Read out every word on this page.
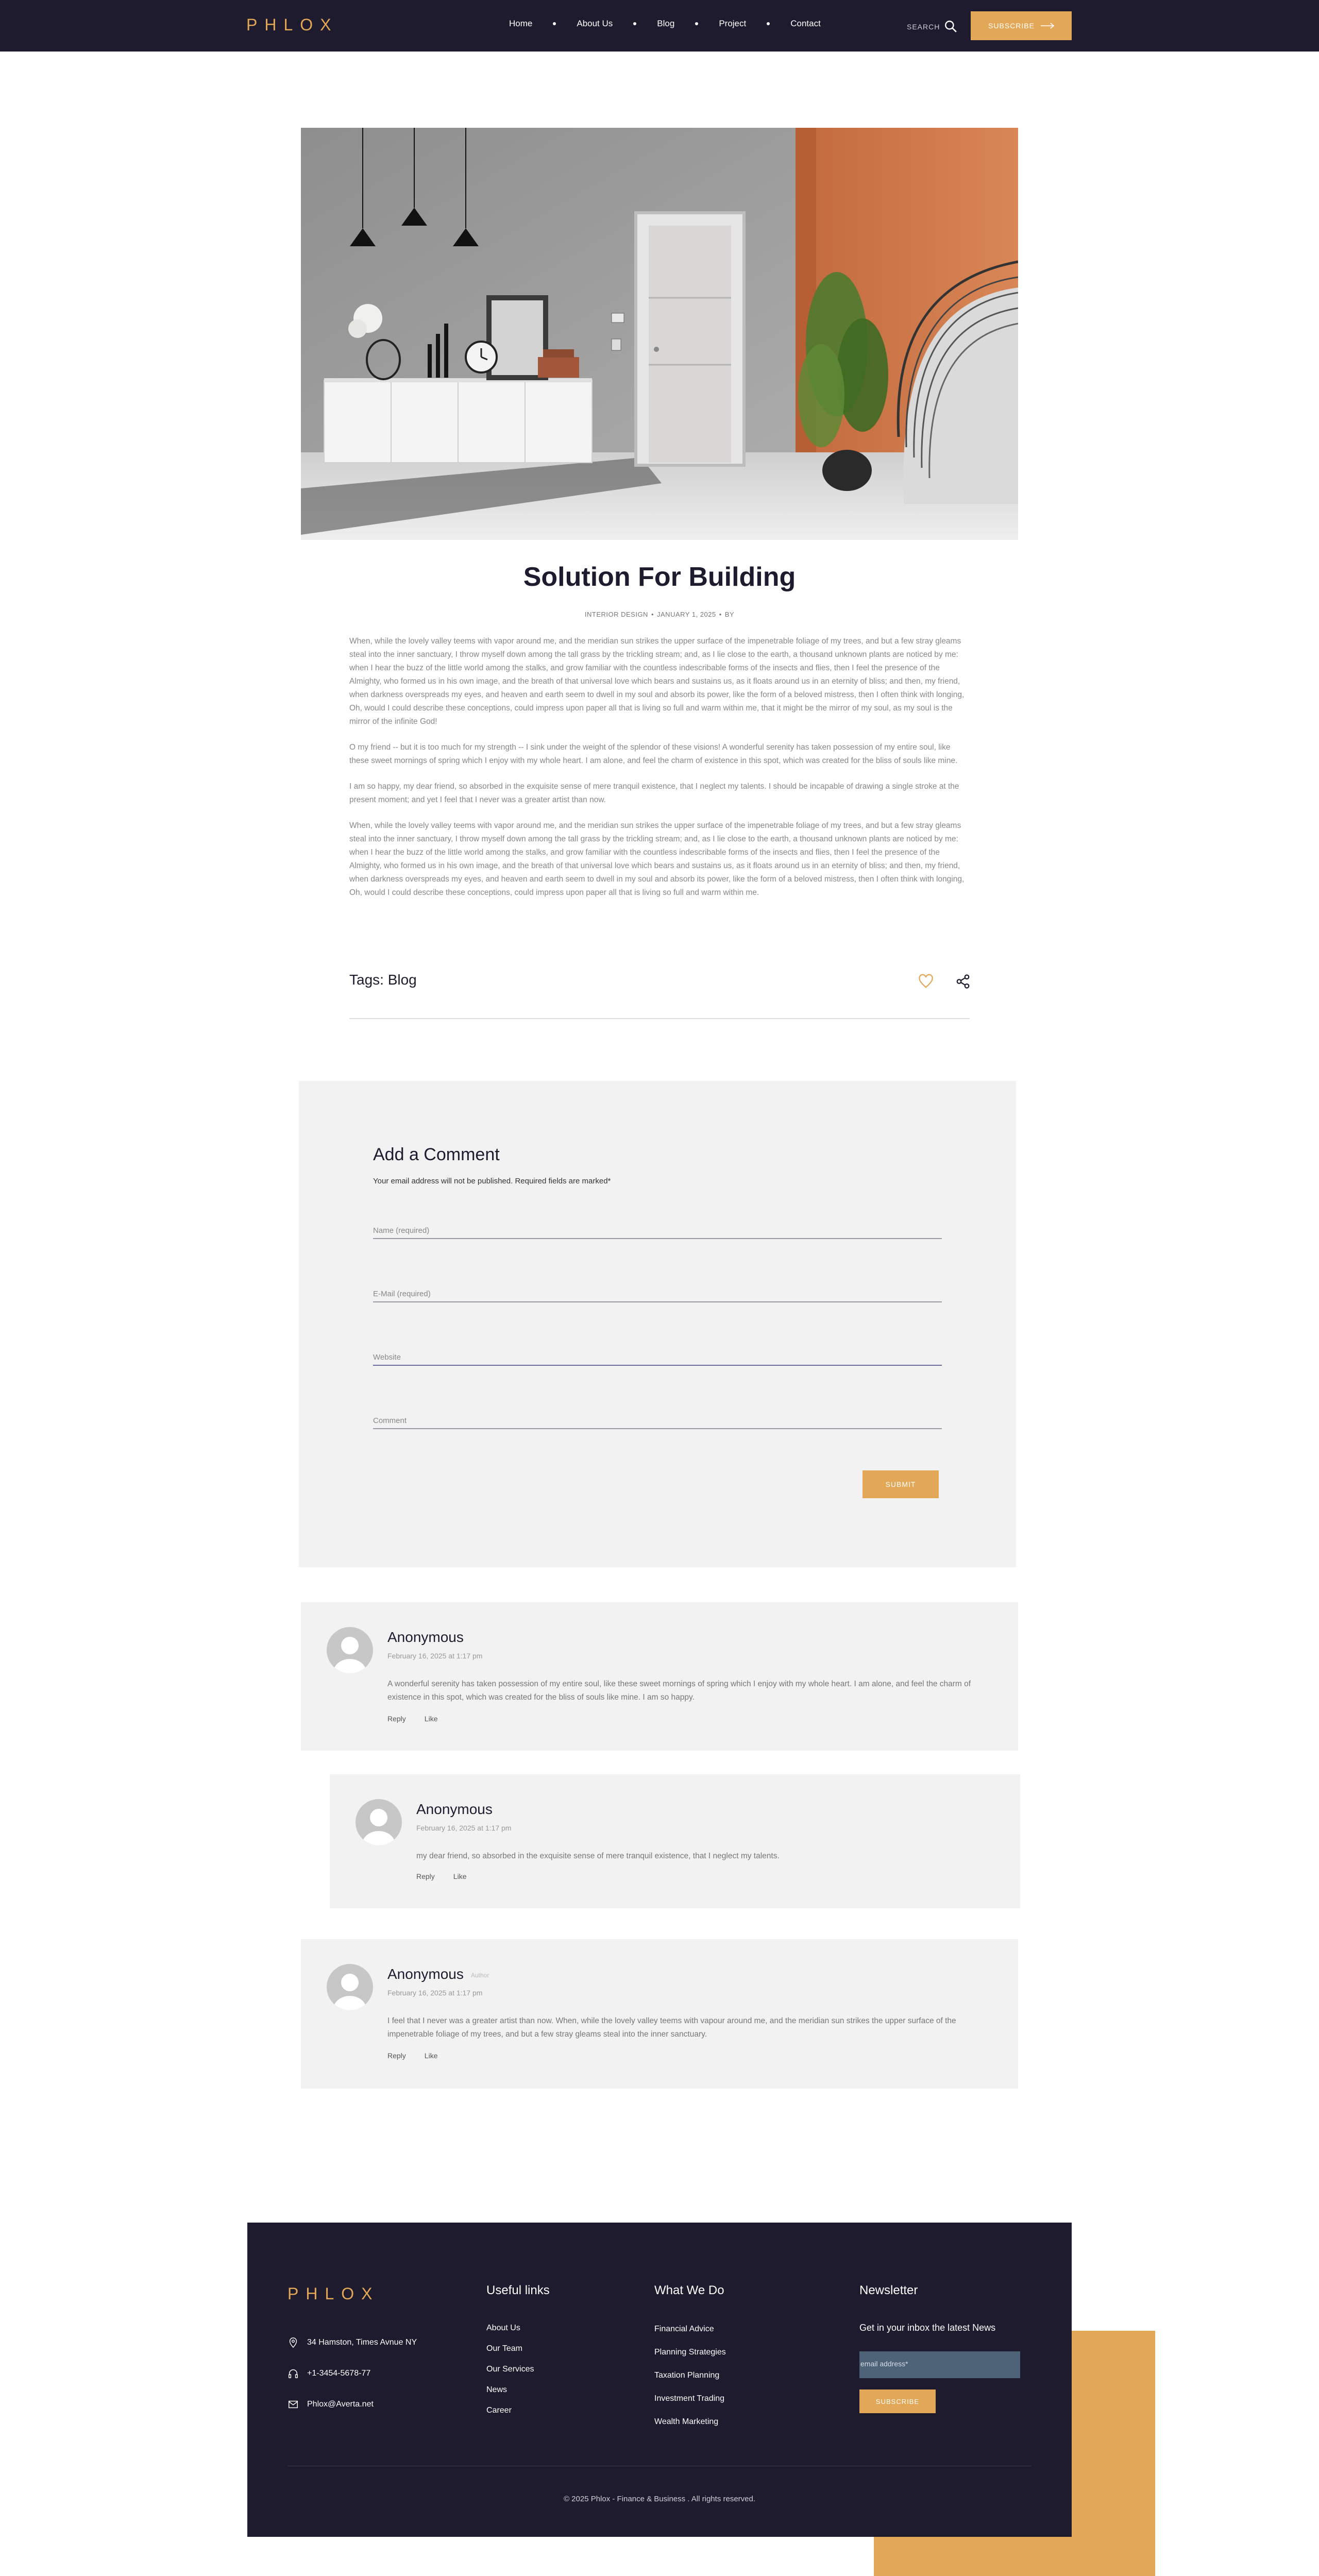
PHLOX	Home	About Us	Blog	Project	Contact	SEARCH	SUBSCRIBE
Solution For Building
INTERIOR DESIGN • JANUARY 1, 2025 • BY

When, while the lovely valley teems with vapor around me, and the meridian sun strikes the upper surface of the impenetrable foliage of my trees, and but a few stray gleams steal into the inner sanctuary, I throw myself down among the tall grass by the trickling stream; and, as I lie close to the earth, a thousand unknown plants are noticed by me: when I hear the buzz of the little world among the stalks, and grow familiar with the countless indescribable forms of the insects and flies, then I feel the presence of the Almighty, who formed us in his own image, and the breath of that universal love which bears and sustains us, as it floats around us in an eternity of bliss; and then, my friend, when darkness overspreads my eyes, and heaven and earth seem to dwell in my soul and absorb its power, like the form of a beloved mistress, then I often think with longing, Oh, would I could describe these conceptions, could impress upon paper all that is living so full and warm within me, that it might be the mirror of my soul, as my soul is the mirror of the infinite God!

O my friend -- but it is too much for my strength -- I sink under the weight of the splendor of these visions! A wonderful serenity has taken possession of my entire soul, like these sweet mornings of spring which I enjoy with my whole heart. I am alone, and feel the charm of existence in this spot, which was created for the bliss of souls like mine.

I am so happy, my dear friend, so absorbed in the exquisite sense of mere tranquil existence, that I neglect my talents. I should be incapable of drawing a single stroke at the present moment; and yet I feel that I never was a greater artist than now.

When, while the lovely valley teems with vapor around me, and the meridian sun strikes the upper surface of the impenetrable foliage of my trees, and but a few stray gleams steal into the inner sanctuary, I throw myself down among the tall grass by the trickling stream; and, as I lie close to the earth, a thousand unknown plants are noticed by me: when I hear the buzz of the little world among the stalks, and grow familiar with the countless indescribable forms of the insects and flies, then I feel the presence of the Almighty, who formed us in his own image, and the breath of that universal love which bears and sustains us, as it floats around us in an eternity of bliss; and then, my friend, when darkness overspreads my eyes, and heaven and earth seem to dwell in my soul and absorb its power, like the form of a beloved mistress, then I often think with longing, Oh, would I could describe these conceptions, could impress upon paper all that is living so full and warm within me.

Tags: Blog
Add a Comment
Your email address will not be published. Required fields are marked*
Name (required)
E-Mail (required)
Website
Comment
SUBMIT
Anonymous
February 16, 2025 at 1:17 pm
A wonderful serenity has taken possession of my entire soul, like these sweet mornings of spring which I enjoy with my whole heart. I am alone, and feel the charm of existence in this spot, which was created for the bliss of souls like mine. I am so happy.
Reply	Like
Anonymous
February 16, 2025 at 1:17 pm
my dear friend, so absorbed in the exquisite sense of mere tranquil existence, that I neglect my talents.
Reply	Like
Anonymous Author
February 16, 2025 at 1:17 pm
I feel that I never was a greater artist than now. When, while the lovely valley teems with vapour around me, and the meridian sun strikes the upper surface of the impenetrable foliage of my trees, and but a few stray gleams steal into the inner sanctuary.
Reply	Like
PHLOX
34 Hamston, Times Avnue NY
+1-3454-5678-77
Phlox@Averta.net
Useful links
About Us
Our Team
Our Services
News
Career
What We Do
Financial Advice
Planning Strategies
Taxation Planning
Investment Trading
Wealth Marketing
Newsletter
Get in your inbox the latest News
email address*
SUBSCRIBE
© 2025 Phlox - Finance & Business . All rights reserved.
